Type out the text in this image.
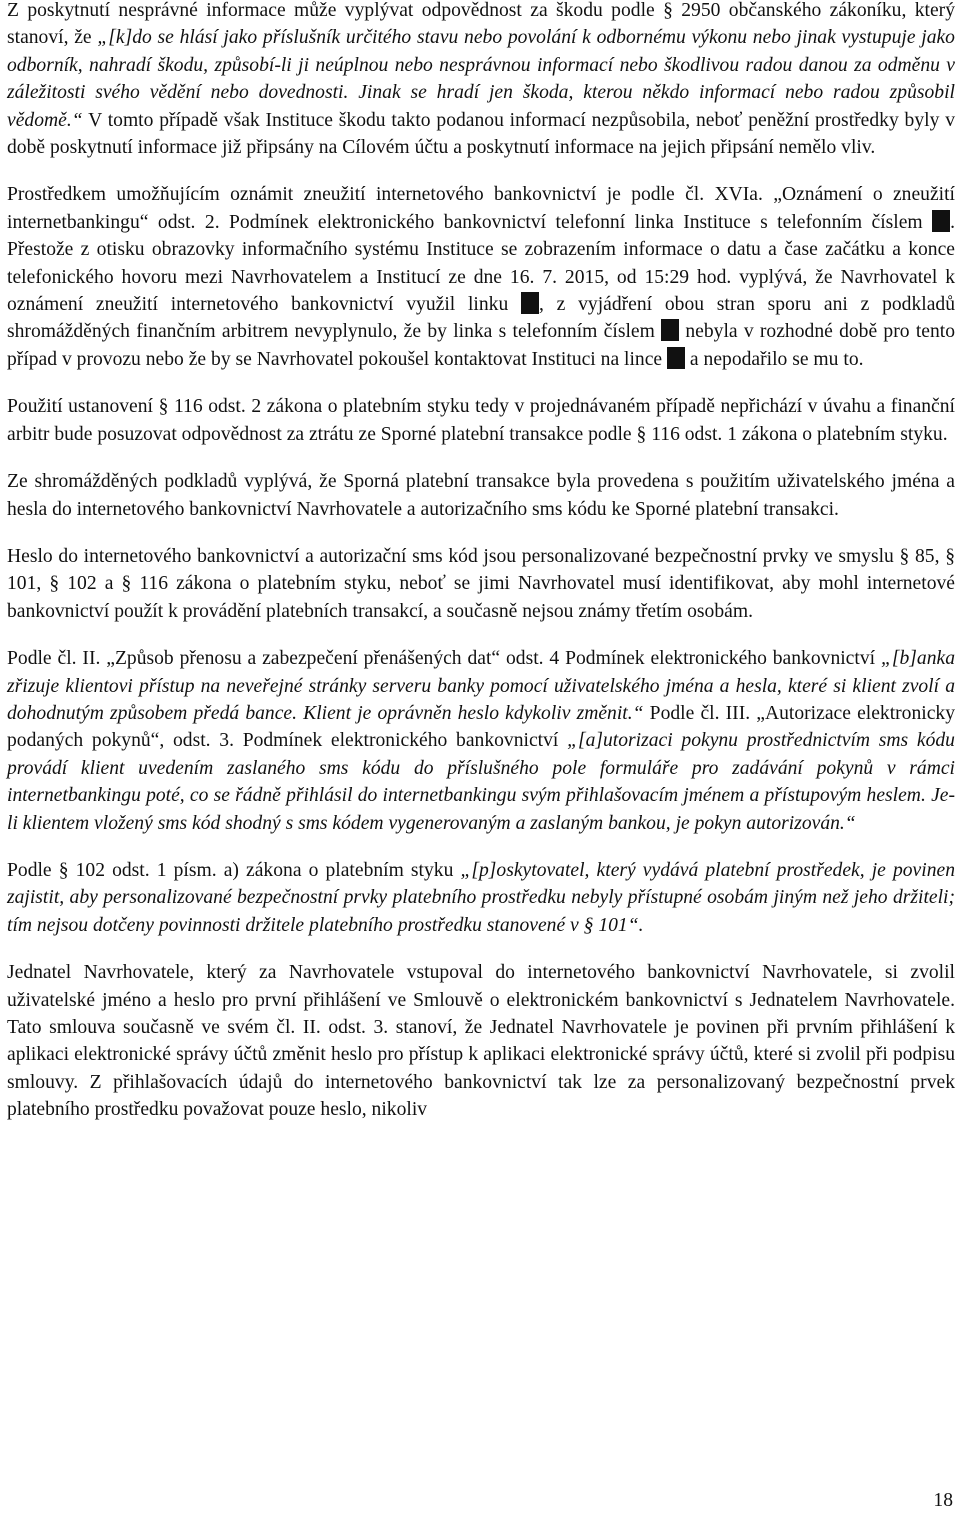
Z poskytnutí nesprávné informace může vyplývat odpovědnost za škodu podle § 2950 občanského zákoníku, který stanoví, že „[k]do se hlásí jako příslušník určitého stavu nebo povolání k odbornému výkonu nebo jinak vystupuje jako odborník, nahradí škodu, způsobí-li ji neúplnou nebo nesprávnou informací nebo škodlivou radou danou za odměnu v záležitosti svého vědění nebo dovednosti. Jinak se hradí jen škoda, kterou někdo informací nebo radou způsobil vědomě.“ V tomto případě však Instituce škodu takto podanou informací nezpůsobila, neboť peněžní prostředky byly v době poskytnutí informace již připsány na Cílovém účtu a poskytnutí informace na jejich připsání nemělo vliv.

Prostředkem umožňujícím oznámit zneužití internetového bankovnictví je podle čl. XVIa. „Oznámení o zneužití internetbankingu“ odst. 2. Podmínek elektronického bankovnictví telefonní linka Instituce s telefonním číslem . Přestože z otisku obrazovky informačního systému Instituce se zobrazením informace o datu a čase začátku a konce telefonického hovoru mezi Navrhovatelem a Institucí ze dne 16. 7. 2015, od 15:29 hod. vyplývá, že Navrhovatel k oznámení zneužití internetového bankovnictví využil linku , z vyjádření obou stran sporu ani z podkladů shromážděných finančním arbitrem nevyplynulo, že by linka s telefonním číslem  nebyla v rozhodné době pro tento případ v provozu nebo že by se Navrhovatel pokoušel kontaktovat Instituci na lince  a nepodařilo se mu to.

Použití ustanovení § 116 odst. 2 zákona o platebním styku tedy v projednávaném případě nepřichází v úvahu a finanční arbitr bude posuzovat odpovědnost za ztrátu ze Sporné platební transakce podle § 116 odst. 1 zákona o platebním styku.

Ze shromážděných podkladů vyplývá, že Sporná platební transakce byla provedena s použitím uživatelského jména a hesla do internetového bankovnictví Navrhovatele a autorizačního sms kódu ke Sporné platební transakci.

Heslo do internetového bankovnictví a autorizační sms kód jsou personalizované bezpečnostní prvky ve smyslu § 85, § 101, § 102 a § 116 zákona o platebním styku, neboť se jimi Navrhovatel musí identifikovat, aby mohl internetové bankovnictví použít k provádění platebních transakcí, a současně nejsou známy třetím osobám.

Podle čl. II. „Způsob přenosu a zabezpečení přenášených dat“ odst. 4 Podmínek elektronického bankovnictví „[b]anka zřizuje klientovi přístup na neveřejné stránky serveru banky pomocí uživatelského jména a hesla, které si klient zvolí a dohodnutým způsobem předá bance. Klient je oprávněn heslo kdykoliv změnit.“ Podle čl. III. „Autorizace elektronicky podaných pokynů“, odst. 3. Podmínek elektronického bankovnictví „[a]utorizaci pokynu prostřednictvím sms kódu provádí klient uvedením zaslaného sms kódu do příslušného pole formuláře pro zadávání pokynů v rámci internetbankingu poté, co se řádně přihlásil do internetbankingu svým přihlašovacím jménem a přístupovým heslem. Je-li klientem vložený sms kód shodný s sms kódem vygenerovaným a zaslaným bankou, je pokyn autorizován.“

Podle § 102 odst. 1 písm. a) zákona o platebním styku „[p]oskytovatel, který vydává platební prostředek, je povinen zajistit, aby personalizované bezpečnostní prvky platebního prostředku nebyly přístupné osobám jiným než jeho držiteli; tím nejsou dotčeny povinnosti držitele platebního prostředku stanovené v § 101“.

Jednatel Navrhovatele, který za Navrhovatele vstupoval do internetového bankovnictví Navrhovatele, si zvolil uživatelské jméno a heslo pro první přihlášení ve Smlouvě o elektronickém bankovnictví s Jednatelem Navrhovatele. Tato smlouva současně ve svém čl. II. odst. 3. stanoví, že Jednatel Navrhovatele je povinen při prvním přihlášení k aplikaci elektronické správy účtů změnit heslo pro přístup k aplikaci elektronické správy účtů, které si zvolil při podpisu smlouvy. Z přihlašovacích údajů do internetového bankovnictví tak lze za personalizovaný bezpečnostní prvek platebního prostředku považovat pouze heslo, nikoliv

18
